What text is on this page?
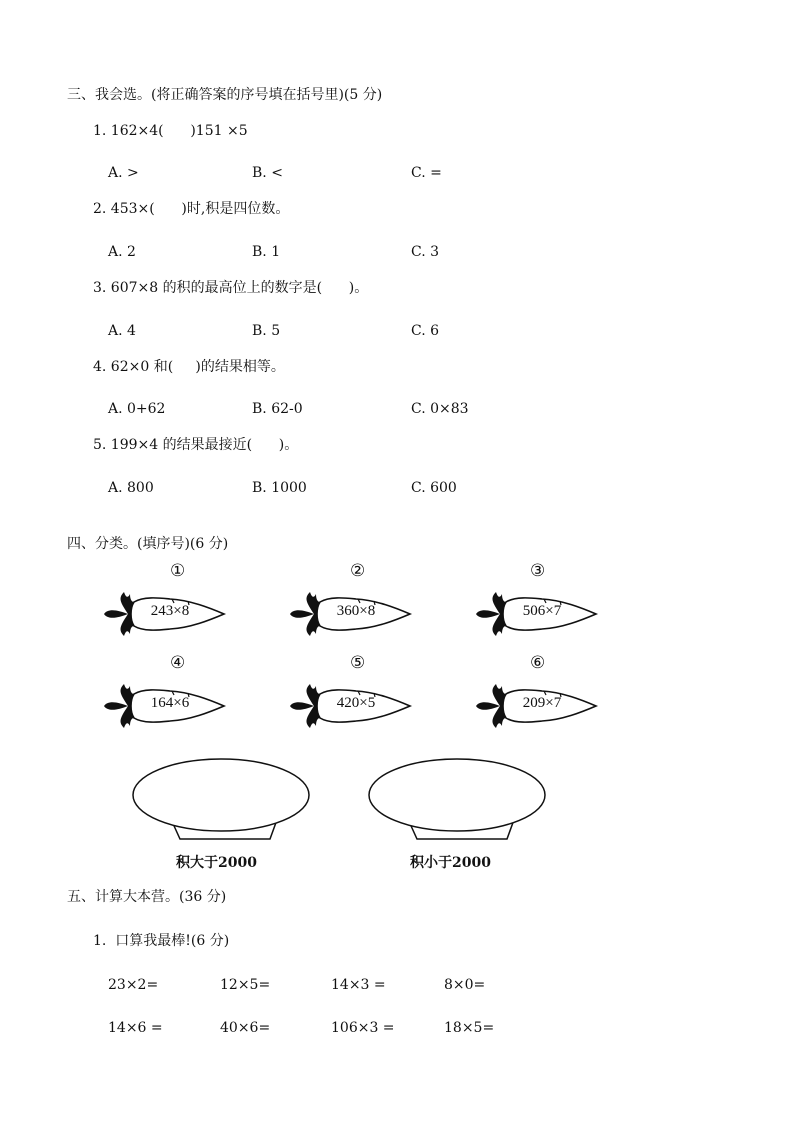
三、我会选。(将正确答案的序号填在括号里)(5 分)
1. 162×4(      )151 ×5
A. >	B. <	C. =
2. 453×(      )时,积是四位数。
A. 2	B. 1	C. 3
3. 607×8 的积的最高位上的数字是(      )。
A. 4	B. 5	C. 6
4. 62×0 和(     )的结果相等。
A. 0+62	B. 62-0	C. 0×83
5. 199×4 的结果最接近(      )。
A. 800	B. 1000	C. 600
四、分类。(填序号)(6 分)
①
243×8
②
360×8
③
506×7
④
164×6
⑤
420×5
⑥
209×7
积大于2000	积小于2000
五、计算大本营。(36 分)
1.  口算我最棒!(6 分)
23×2=	12×5=	14×3 =	8×0=
14×6 =	40×6=	106×3 =	18×5=
